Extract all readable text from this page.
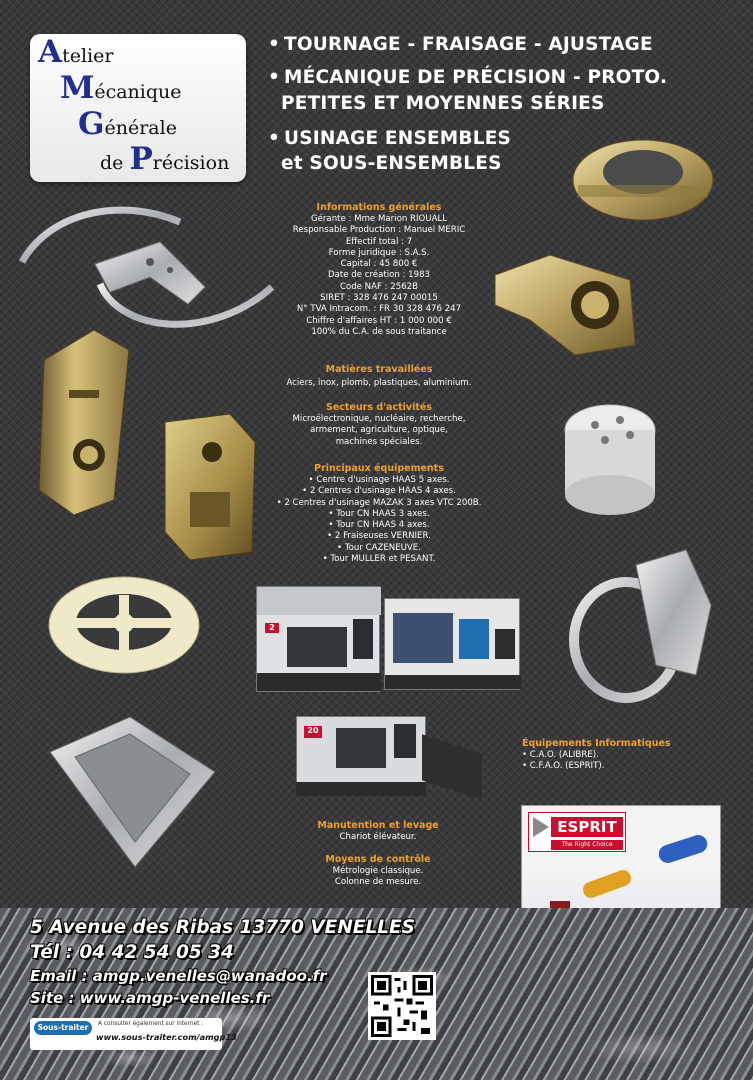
Atelier
Mécanique
Générale
de Précision
• TOURNAGE - FRAISAGE - AJUSTAGE
• MÉCANIQUE DE PRÉCISION - PROTO.
PETITES ET MOYENNES SÉRIES
• USINAGE ENSEMBLES
et SOUS-ENSEMBLES
Informations générales
Gérante : Mme Marion RIOUALL
Responsable Production : Manuel MERIC
Effectif total : 7
Forme juridique : S.A.S.
Capital : 45 800 €
Date de création : 1983
Code NAF : 2562B
SIRET : 328 476 247 00015
N° TVA Intracom. : FR 30 328 476 247
Chiffre d'affaires HT : 1 000 000 €
100% du C.A. de sous traitance
Matières travaillées
Aciers, inox, plomb, plastiques, aluminium.
Secteurs d'activités
Microélectronique, nucléaire, recherche,
armement, agriculture, optique,
machines spéciales.
Principaux équipements
• Centre d'usinage HAAS 5 axes.
• 2 Centres d'usinage HAAS 4 axes.
• 2 Centres d'usinage MAZAK 3 axes VTC 200B.
• Tour CN HAAS 3 axes.
• Tour CN HAAS 4 axes.
• 2 Fraiseuses VERNIER.
• Tour CAZENEUVE.
• Tour MULLER et PESANT.
Équipements Informatiques
• C.A.O. (ALIBRE).
• C.F.A.O. (ESPRIT).
Manutention et levage
Chariot élévateur.
Moyens de contrôle
Métrologie classique.
Colonne de mesure.
2
20
ESPRIT
The Right Choice
5 Avenue des Ribas 13770 VENELLES
Tél : 04 42 54 05 34
Email : amgp.venelles@wanadoo.fr
Site : www.amgp-venelles.fr
Sous-traiter	A consulter également sur internet :
www.sous-traiter.com/amgp13
